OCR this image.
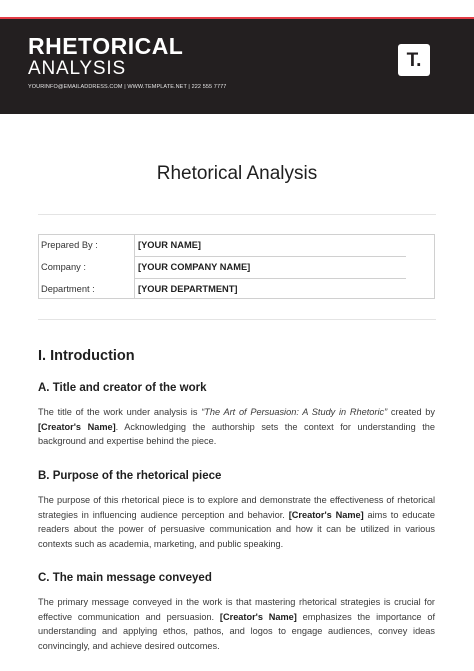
RHETORICAL
ANALYSIS
YOURINFO@EMAILADDRESS.COM | WWW.TEMPLATE.NET | 222 555 7777
T.
Rhetorical Analysis
Prepared By :	[YOUR NAME]
Company :	[YOUR COMPANY NAME]
Department :	[YOUR DEPARTMENT]
I. Introduction
A. Title and creator of the work
The title of the work under analysis is “The Art of Persuasion: A Study in Rhetoric” created by [Creator's Name]. Acknowledging the authorship sets the context for understanding the background and expertise behind the piece.
B. Purpose of the rhetorical piece
The purpose of this rhetorical piece is to explore and demonstrate the effectiveness of rhetorical strategies in influencing audience perception and behavior. [Creator's Name] aims to educate readers about the power of persuasive communication and how it can be utilized in various contexts such as academia, marketing, and public speaking.
C. The main message conveyed
The primary message conveyed in the work is that mastering rhetorical strategies is crucial for effective communication and persuasion. [Creator's Name] emphasizes the importance of understanding and applying ethos, pathos, and logos to engage audiences, convey ideas convincingly, and achieve desired outcomes.
